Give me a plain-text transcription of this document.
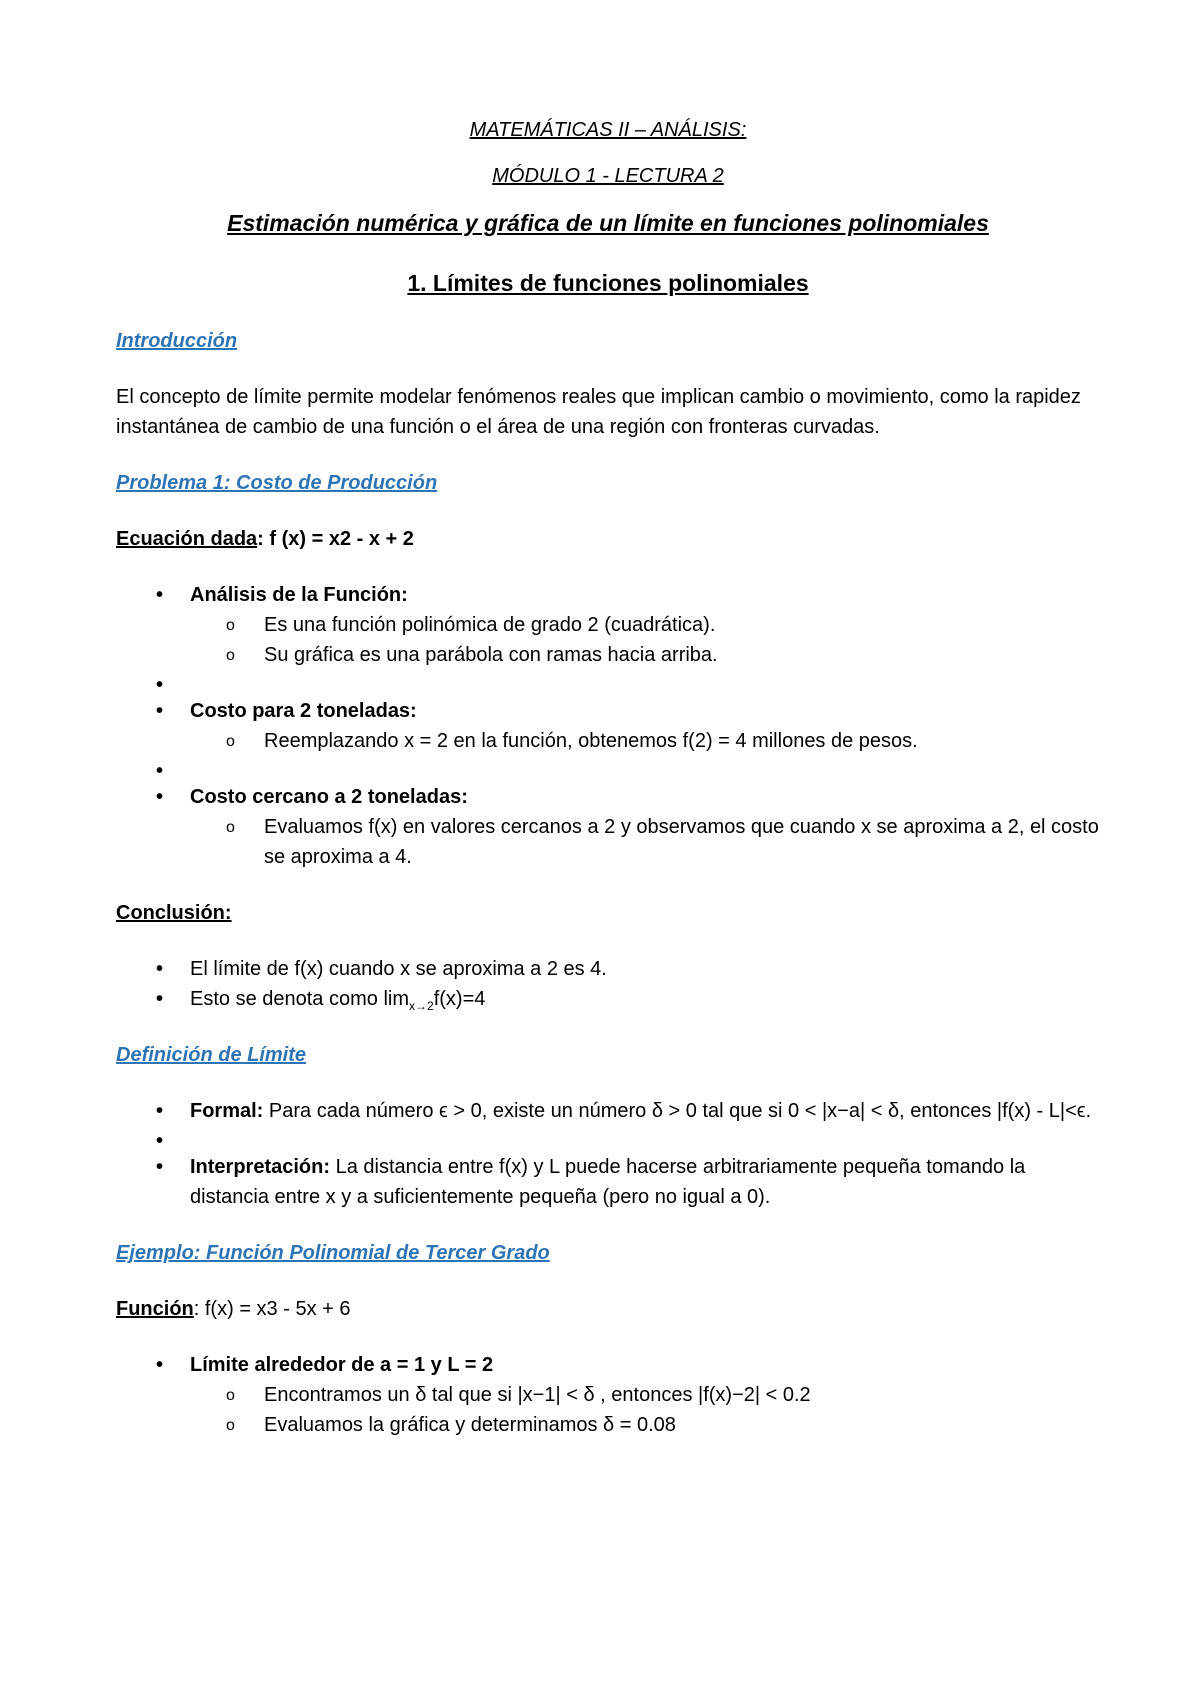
MATEMÁTICAS II – ANÁLISIS:
MÓDULO 1 - LECTURA 2
Estimación numérica y gráfica de un límite en funciones polinomiales
1. Límites de funciones polinomiales
Introducción

El concepto de límite permite modelar fenómenos reales que implican cambio o movimiento, como la rapidez instantánea de cambio de una función o el área de una región con fronteras curvadas.

Problema 1: Costo de Producción

Ecuación dada: f (x) = x2 - x + 2

• Análisis de la Función:
o Es una función polinómica de grado 2 (cuadrática).
o Su gráfica es una parábola con ramas hacia arriba.
•
• Costo para 2 toneladas:
o Reemplazando x = 2 en la función, obtenemos f(2) = 4 millones de pesos.
•
• Costo cercano a 2 toneladas:
o Evaluamos f(x) en valores cercanos a 2 y observamos que cuando x se aproxima a 2, el costo se aproxima a 4.

Conclusión:

• El límite de f(x) cuando x se aproxima a 2 es 4.
• Esto se denota como $\lim_{x\to 2}f(x)=4$
Definición de Límite
• Formal: Para cada número ϵ > 0, existe un número δ > 0 tal que si 0 < |x−a| < δ, entonces |f(x) - L|<ϵ.
•
• Interpretación: La distancia entre f(x) y L puede hacerse arbitrariamente pequeña tomando la distancia entre x y a suficientemente pequeña (pero no igual a 0).
Ejemplo: Función Polinomial de Tercer Grado

Función: f(x) = x3 - 5x + 6

• Límite alrededor de a = 1 y L = 2
o Encontramos un δ tal que si |x−1| < δ , entonces |f(x)−2| < 0.2
o Evaluamos la gráfica y determinamos δ = 0.08
